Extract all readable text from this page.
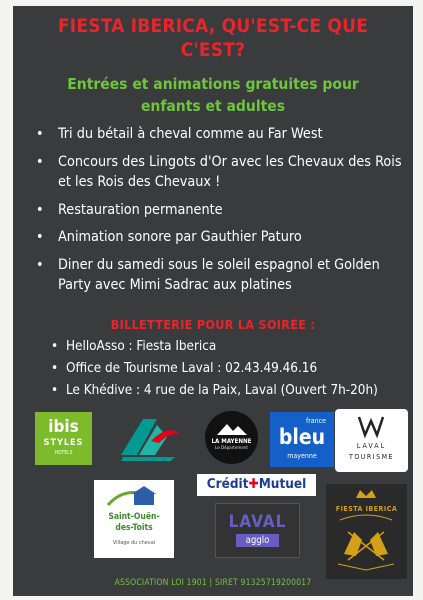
FIESTA IBERICA, QU'EST-CE QUE
C'EST?
Entrées et animations gratuites pour
enfants et adultes
• Tri du bétail à cheval comme au Far West
• Concours des Lingots d'Or avec les Chevaux des Rois et les Rois des Chevaux !
• Restauration permanente
• Animation sonore par Gauthier Paturo
• Diner du samedi sous le soleil espagnol et Golden Party avec Mimi Sadrac aux platines
BILLETTERIE POUR LA SOIRÉE :
• HelloAsso : Fiesta Iberica
• Office de Tourisme Laval : 02.43.49.46.16
• Le Khédive : 4 rue de la Paix, Laval (Ouvert 7h-20h)
ibis
STYLES
HOTELS
LA MAYENNE
Le Département
france
bleu
mayenne
LAVAL
TOURISME
Crédit✚Mutuel
Saint-Ouën-
des-Toits
Village du cheval
LAVAL
agglo
FIESTA IBERICA
ASSOCIATION LOI 1901 | SIRET 91325719200017
